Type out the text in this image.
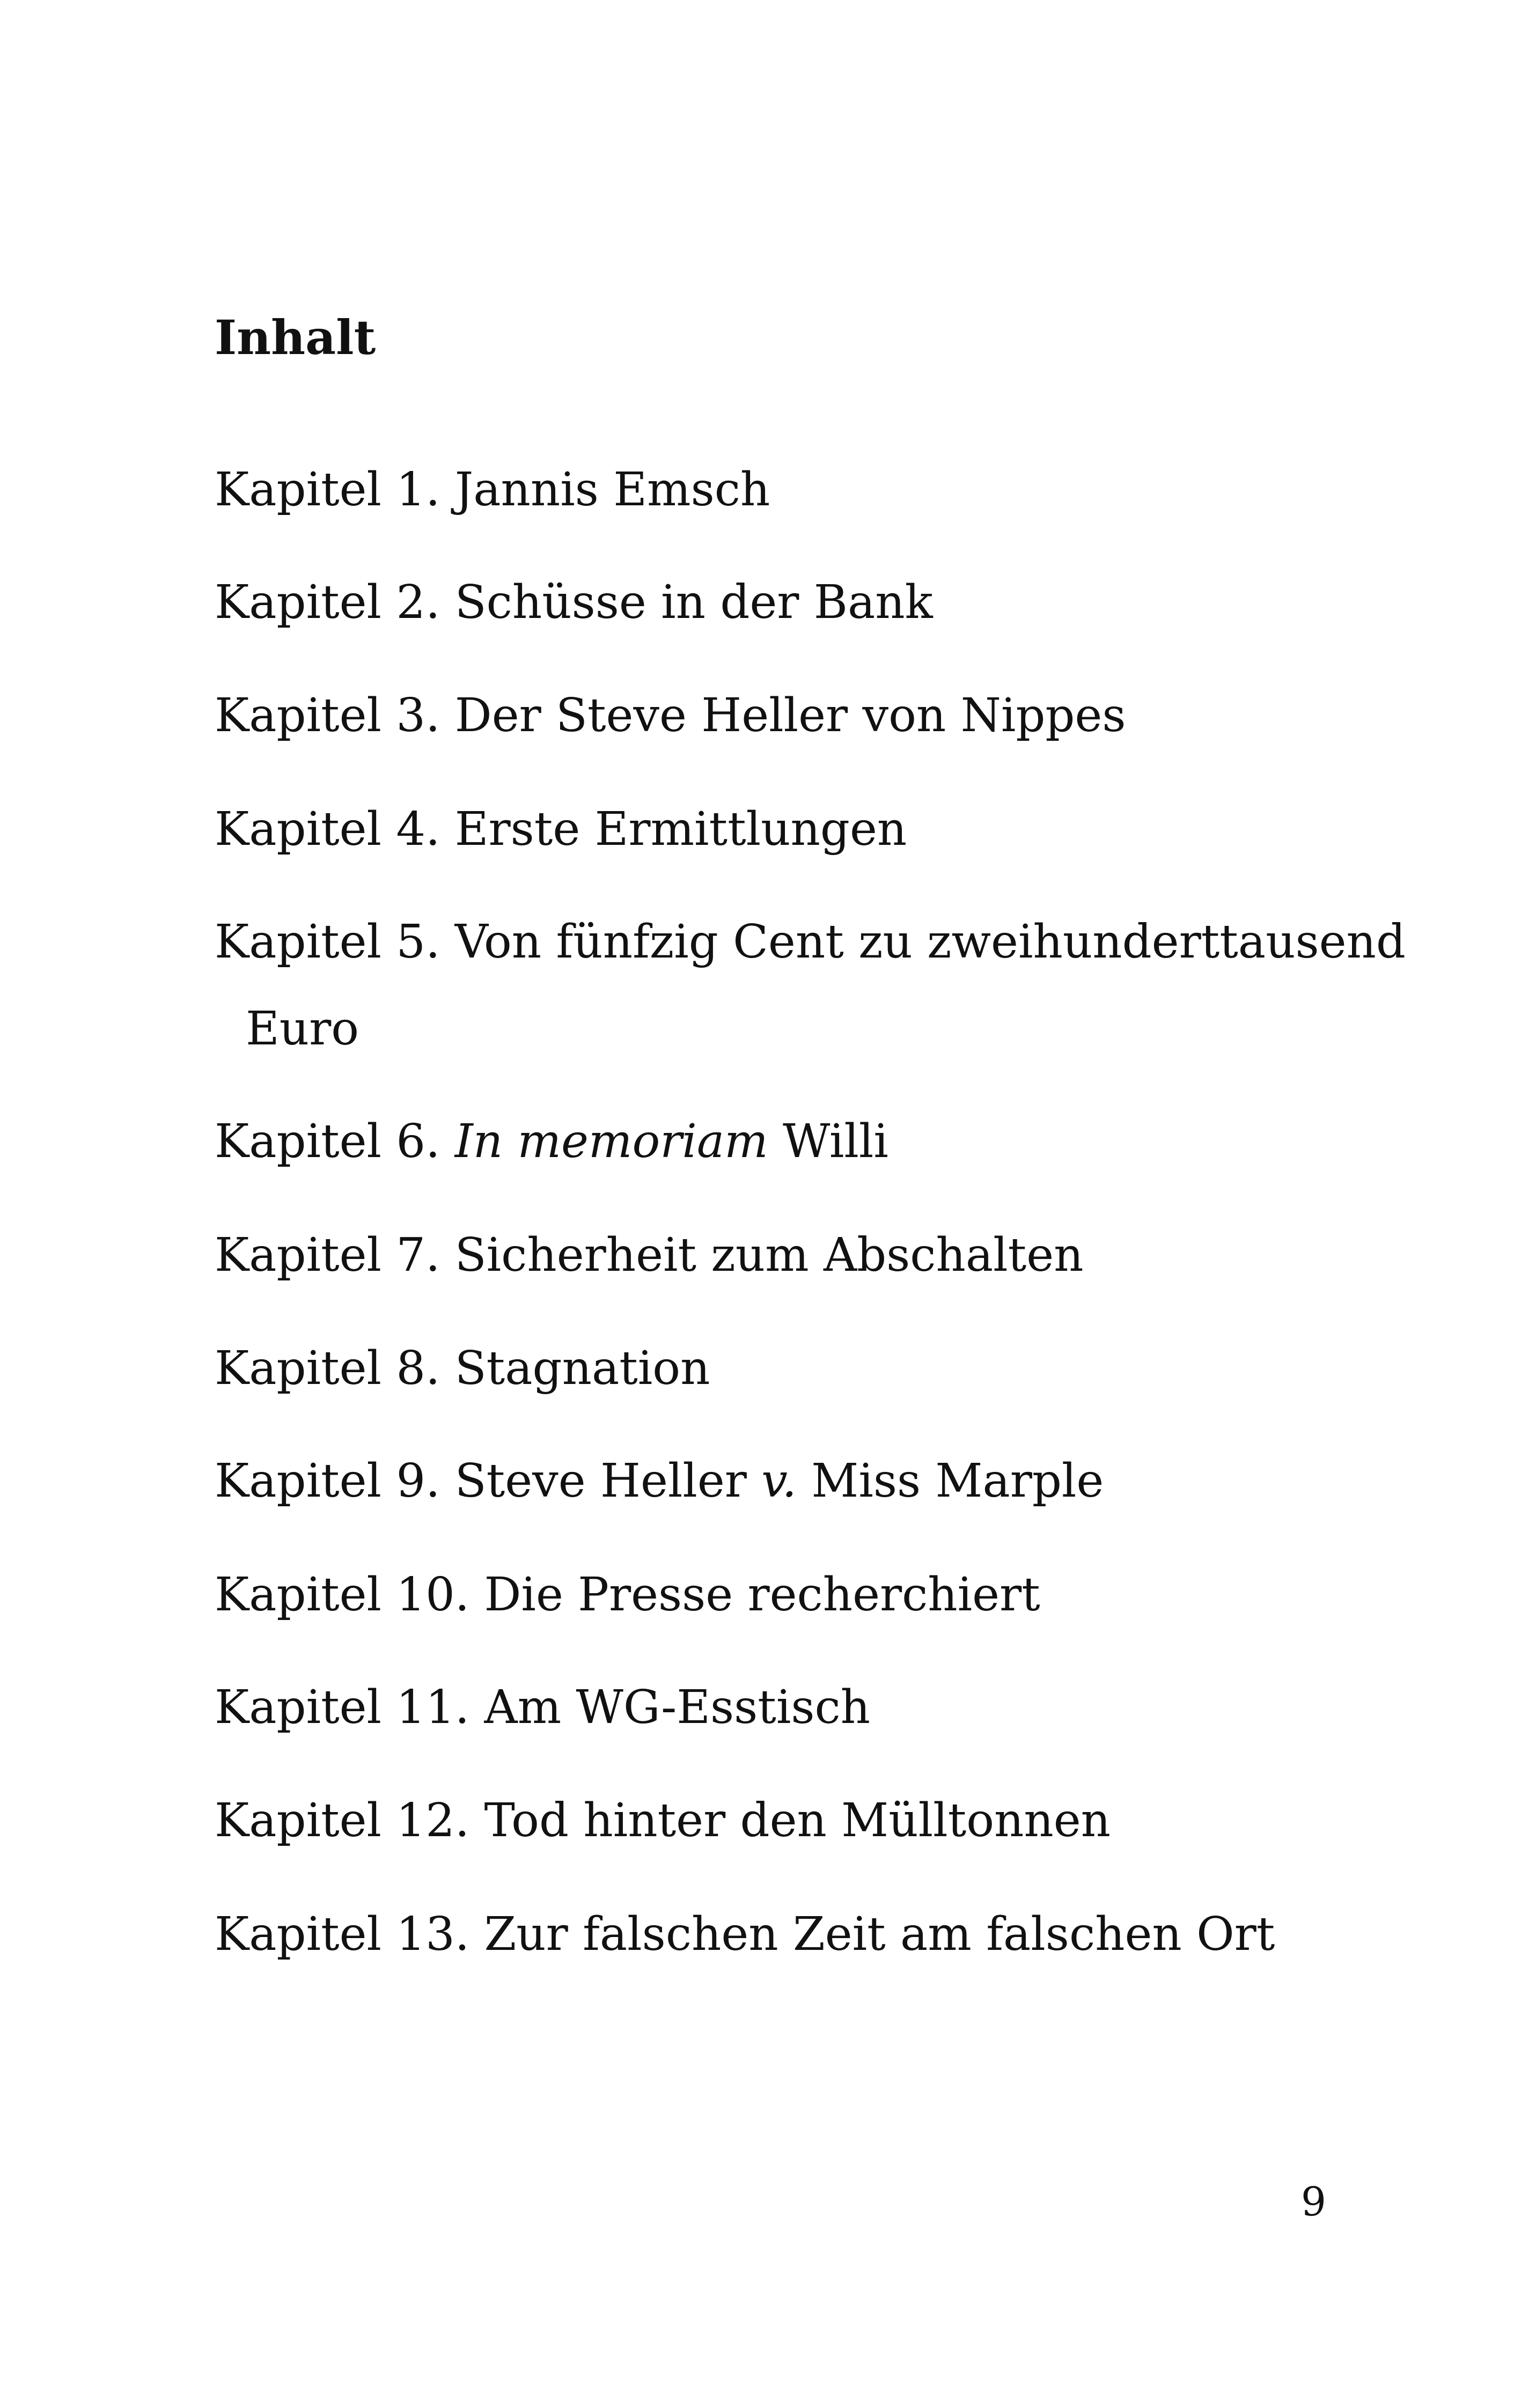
Inhalt

Kapitel 1. Jannis Emsch

Kapitel 2. Schüsse in der Bank

Kapitel 3. Der Steve Heller von Nippes

Kapitel 4. Erste Ermittlungen

Kapitel 5. Von fünfzig Cent zu zweihunderttausend

Euro

Kapitel 6. In memoriam Willi

Kapitel 7. Sicherheit zum Abschalten

Kapitel 8. Stagnation

Kapitel 9. Steve Heller v. Miss Marple

Kapitel 10. Die Presse recherchiert

Kapitel 11. Am WG-Esstisch

Kapitel 12. Tod hinter den Mülltonnen

Kapitel 13. Zur falschen Zeit am falschen Ort

9
